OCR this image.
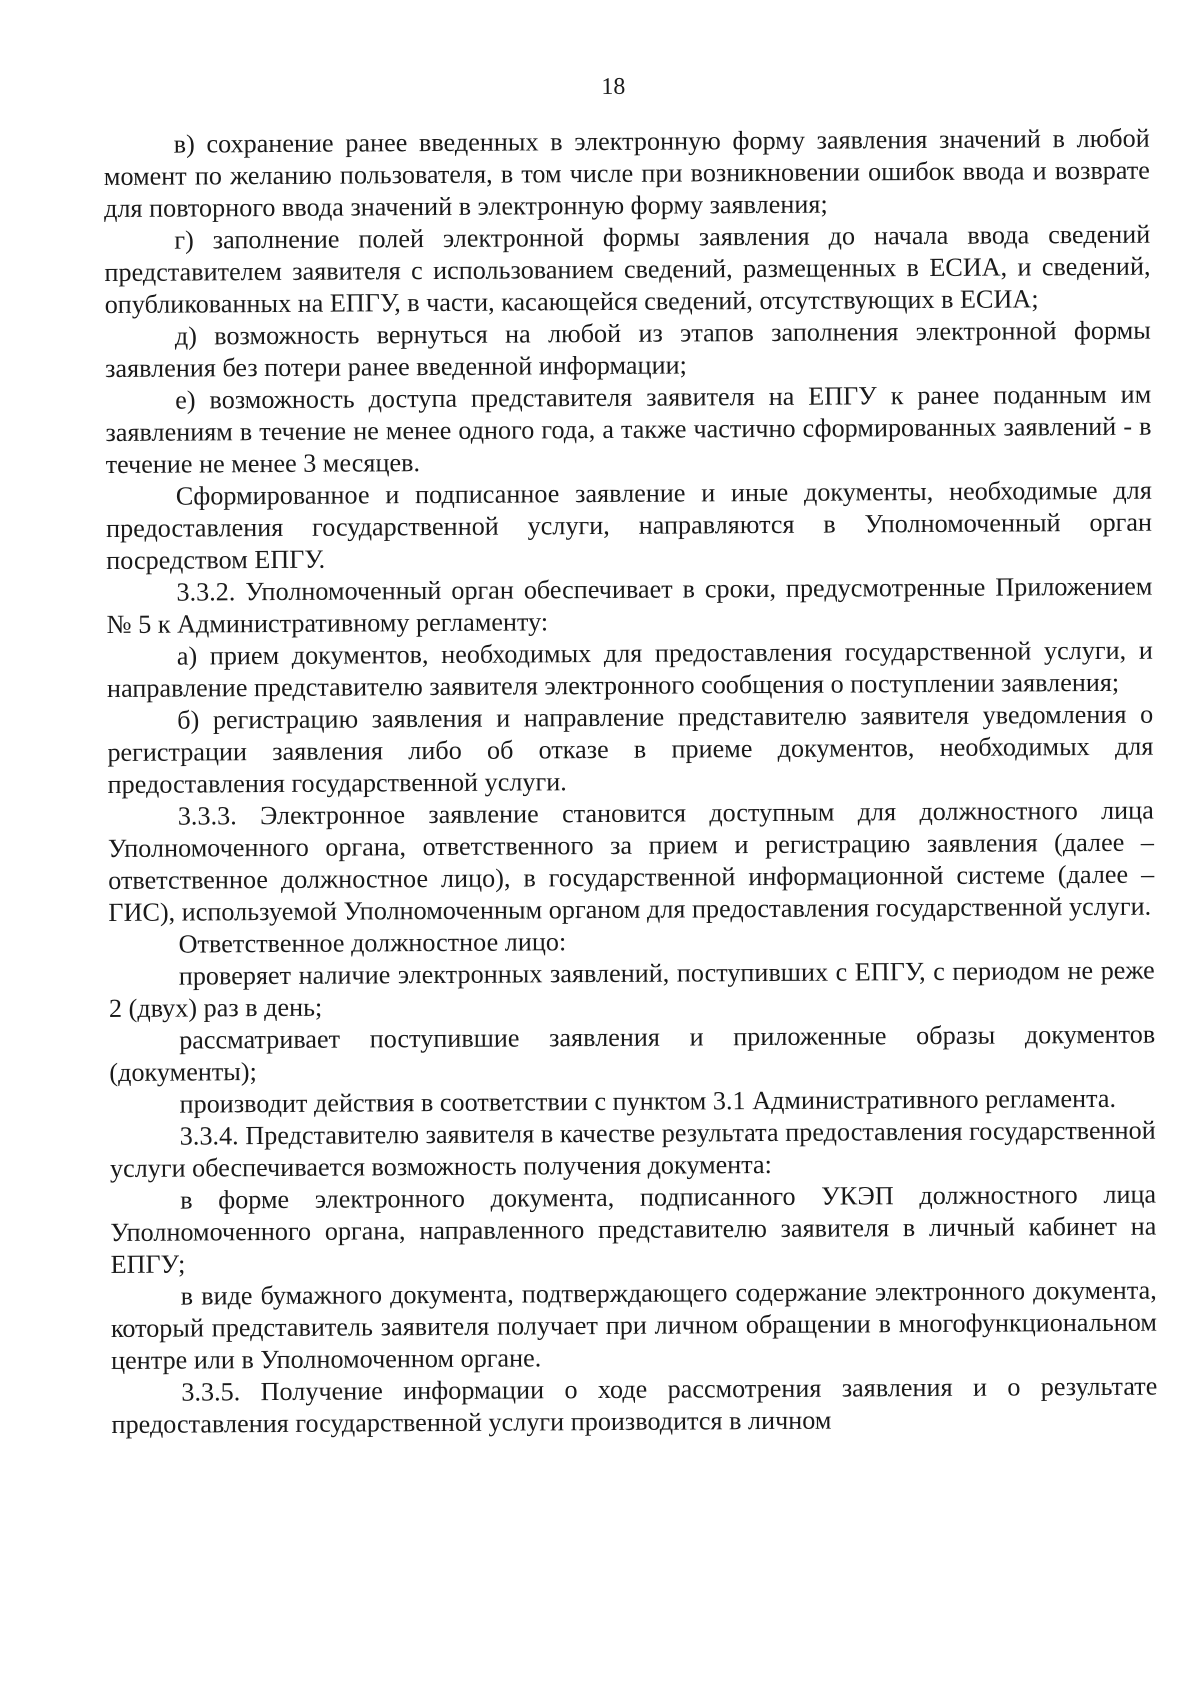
18

в) сохранение ранее введенных в электронную форму заявления значений в любой момент по желанию пользователя, в том числе при возникновении ошибок ввода и возврате для повторного ввода значений в электронную форму заявления;

г) заполнение полей электронной формы заявления до начала ввода сведений представителем заявителя с использованием сведений, размещенных в ЕСИА, и сведений, опубликованных на ЕПГУ, в части, касающейся сведений, отсутствующих в ЕСИА;

д) возможность вернуться на любой из этапов заполнения электронной формы заявления без потери ранее введенной информации;

е) возможность доступа представителя заявителя на ЕПГУ к ранее поданным им заявлениям в течение не менее одного года, а также частично сформированных заявлений - в течение не менее 3 месяцев.

Сформированное и подписанное заявление и иные документы, необходимые для предоставления государственной услуги, направляются в Уполномоченный орган посредством ЕПГУ.

3.3.2. Уполномоченный орган обеспечивает в сроки, предусмотренные Приложением № 5 к Административному регламенту:

а) прием документов, необходимых для предоставления государственной услуги, и направление представителю заявителя электронного сообщения о поступлении заявления;

б) регистрацию заявления и направление представителю заявителя уведомления о регистрации заявления либо об отказе в приеме документов, необходимых для предоставления государственной услуги.

3.3.3. Электронное заявление становится доступным для должностного лица Уполномоченного органа, ответственного за прием и регистрацию заявления (далее – ответственное должностное лицо), в государственной информационной системе (далее – ГИС), используемой Уполномоченным органом для предоставления государственной услуги.

Ответственное должностное лицо:

проверяет наличие электронных заявлений, поступивших с ЕПГУ, с периодом не реже 2 (двух) раз в день;

рассматривает поступившие заявления и приложенные образы документов (документы);

производит действия в соответствии с пунктом 3.1 Административного регламента.

3.3.4. Представителю заявителя в качестве результата предоставления государственной услуги обеспечивается возможность получения документа:

в форме электронного документа, подписанного УКЭП должностного лица Уполномоченного органа, направленного представителю заявителя в личный кабинет на ЕПГУ;

в виде бумажного документа, подтверждающего содержание электронного документа, который представитель заявителя получает при личном обращении в многофункциональном центре или в Уполномоченном органе.

3.3.5. Получение информации о ходе рассмотрения заявления и о результате предоставления государственной услуги производится в личном
